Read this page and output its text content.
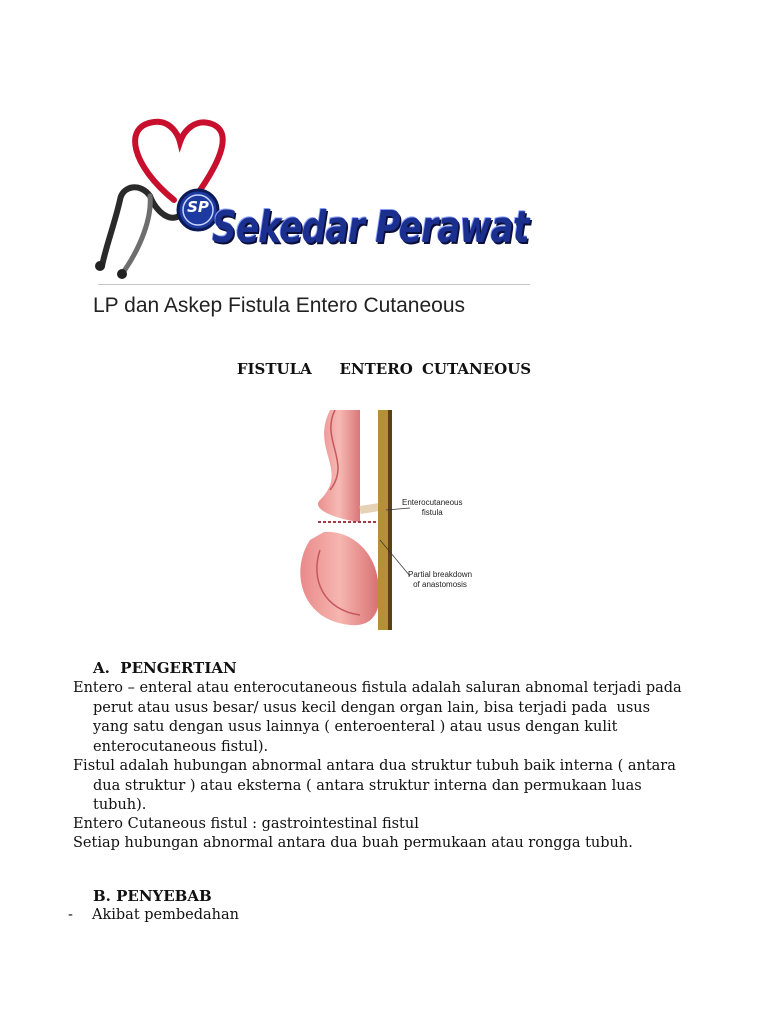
SP Sekedar Perawat
LP dan Askep Fistula Entero Cutaneous
FISTULA   ENTERO CUTANEOUS
Enterocutaneous
fistula
Partial breakdown
of anastomosis
A.  PENGERTIAN
Entero – enteral atau enterocutaneous fistula adalah saluran abnomal terjadi pada perut atau usus besar/ usus kecil dengan organ lain, bisa terjadi pada  usus yang satu dengan usus lainnya ( enteroenteral ) atau usus dengan kulit enterocutaneous fistul).
Fistul adalah hubungan abnormal antara dua struktur tubuh baik interna ( antara dua struktur ) atau eksterna ( antara struktur interna dan permukaan luas tubuh).
Entero Cutaneous fistul : gastrointestinal fistul
Setiap hubungan abnormal antara dua buah permukaan atau rongga tubuh.
B. PENYEBAB
- Akibat pembedahan
